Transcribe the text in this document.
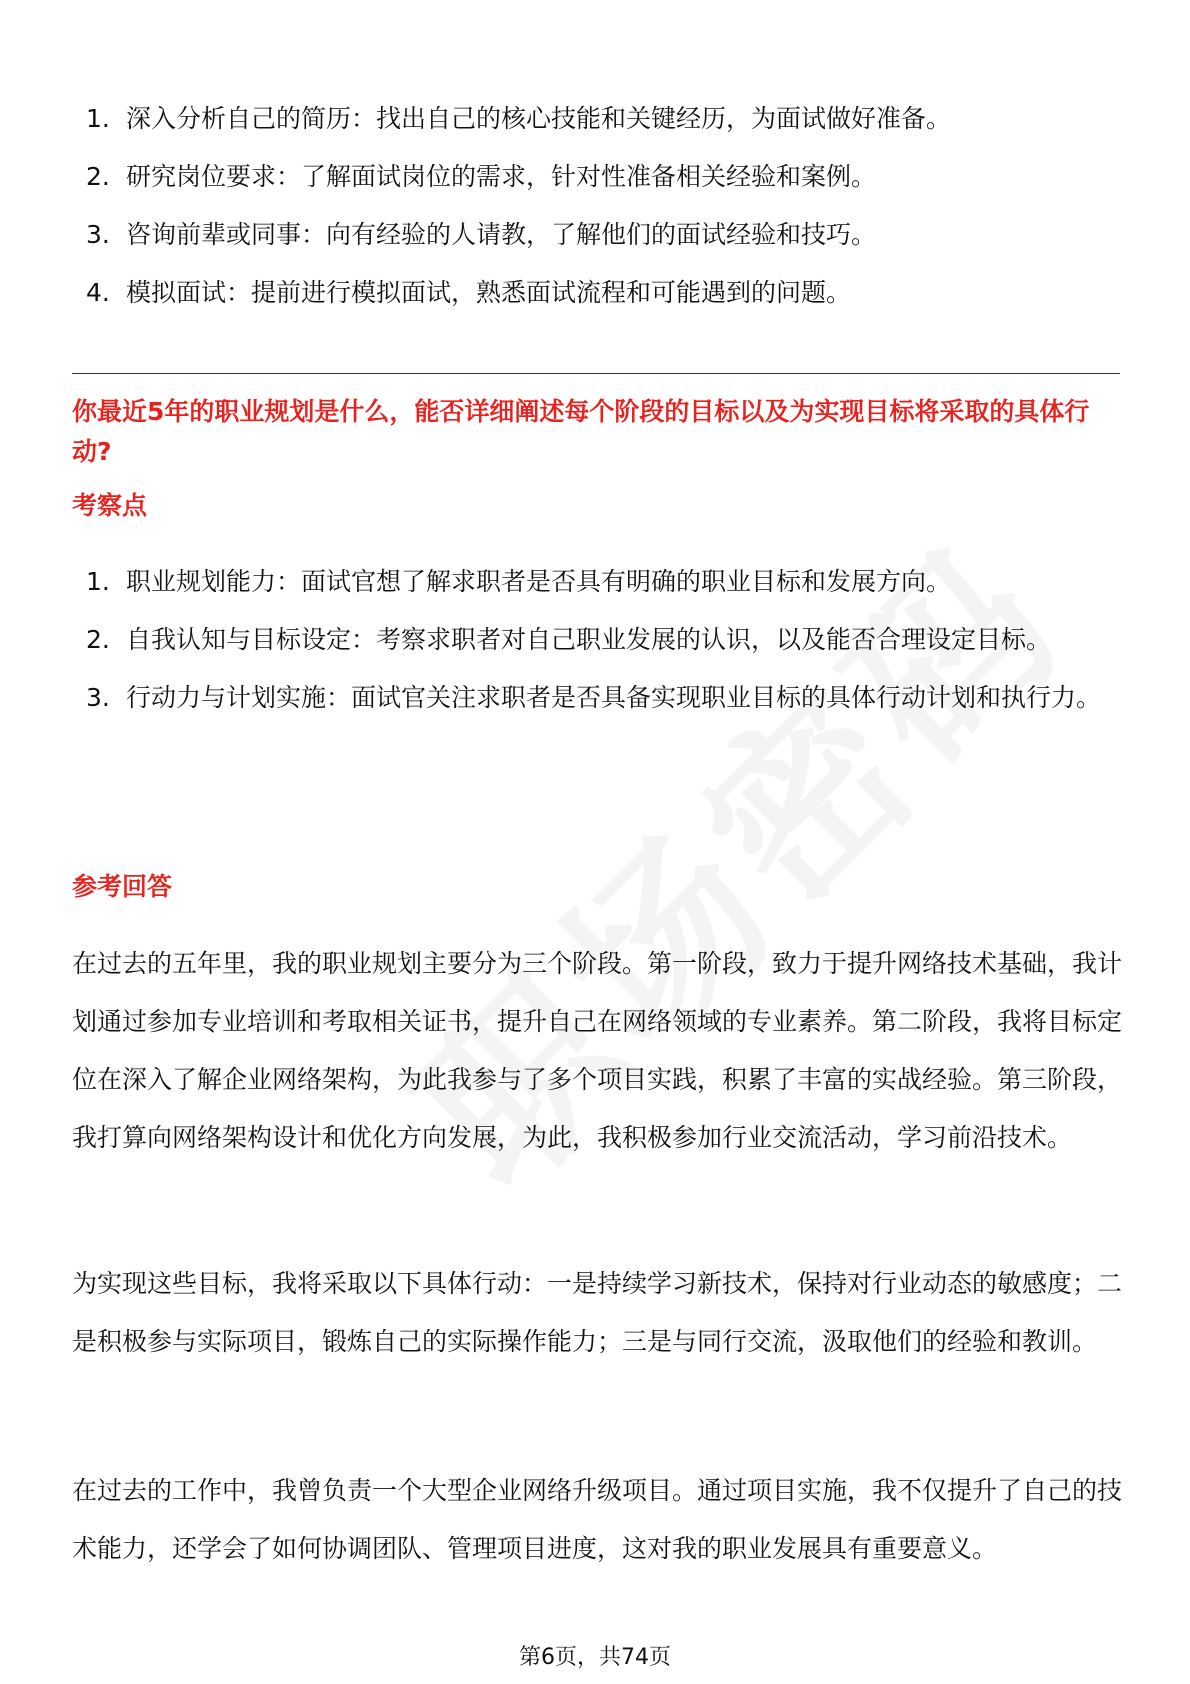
1. 深入分析自己的简历：找出自己的核心技能和关键经历，为面试做好准备。
2. 研究岗位要求：了解面试岗位的需求，针对性准备相关经验和案例。
3. 咨询前辈或同事：向有经验的人请教，了解他们的面试经验和技巧。
4. 模拟面试：提前进行模拟面试，熟悉面试流程和可能遇到的问题。
你最近5年的职业规划是什么，能否详细阐述每个阶段的目标以及为实现目标将采取的具体行动?
考察点
1. 职业规划能力：面试官想了解求职者是否具有明确的职业目标和发展方向。
2. 自我认知与目标设定：考察求职者对自己职业发展的认识，以及能否合理设定目标。
3. 行动力与计划实施：面试官关注求职者是否具备实现职业目标的具体行动计划和执行力。
参考回答

在过去的五年里，我的职业规划主要分为三个阶段。第一阶段，致力于提升网络技术基础，我计划通过参加专业培训和考取相关证书，提升自己在网络领域的专业素养。第二阶段，我将目标定位在深入了解企业网络架构，为此我参与了多个项目实践，积累了丰富的实战经验。第三阶段，我打算向网络架构设计和优化方向发展，为此，我积极参加行业交流活动，学习前沿技术。

为实现这些目标，我将采取以下具体行动：一是持续学习新技术，保持对行业动态的敏感度；二是积极参与实际项目，锻炼自己的实际操作能力；三是与同行交流，汲取他们的经验和教训。

在过去的工作中，我曾负责一个大型企业网络升级项目。通过项目实施，我不仅提升了自己的技术能力，还学会了如何协调团队、管理项目进度，这对我的职业发展具有重要意义。

第6页，共74页
